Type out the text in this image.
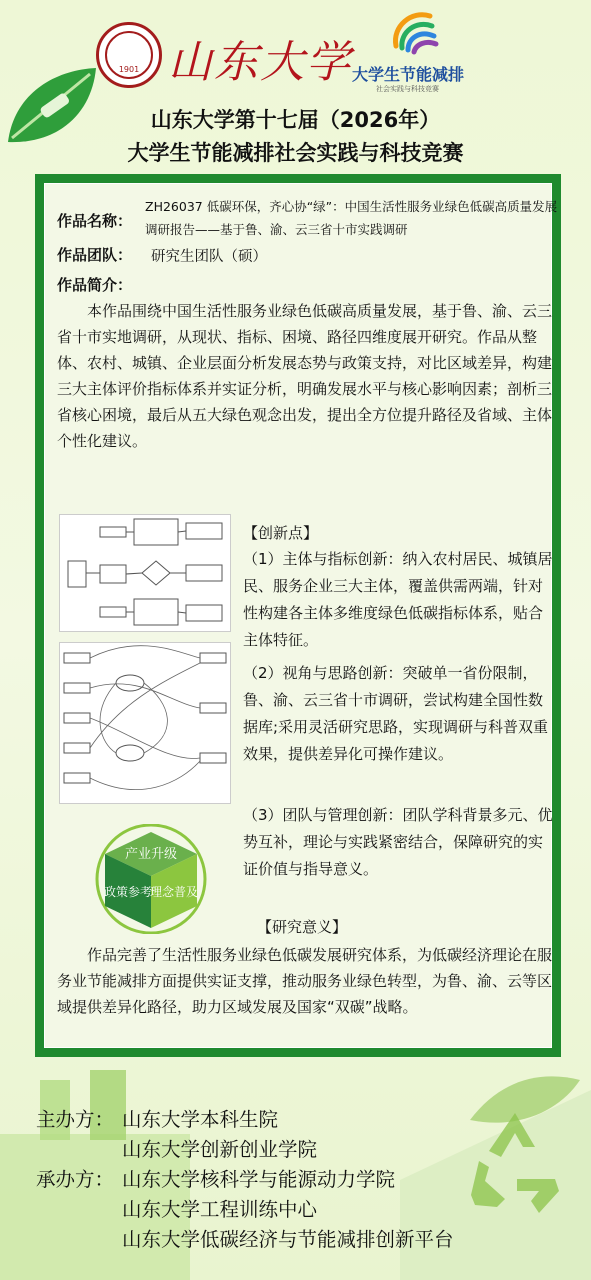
1901 山东大学 大学生节能减排
社会实践与科技竞赛
山东大学第十七届（2026年）
大学生节能减排社会实践与科技竞赛
作品名称：
ZH26037 低碳环保，齐心协“绿”：中国生活性服务业绿色低碳高质量发展调研报告——基于鲁、渝、云三省十市实践调研
作品团队： 研究生团队（硕）
作品简介：
本作品围绕中国生活性服务业绿色低碳高质量发展，基于鲁、渝、云三省十市实地调研，从现状、指标、困境、路径四维度展开研究。作品从整体、农村、城镇、企业层面分析发展态势与政策支持，对比区域差异，构建三大主体评价指标体系并实证分析，明确发展水平与核心影响因素；剖析三省核心困境，最后从五大绿色观念出发，提出全方位提升路径及省域、主体个性化建议。
产业升级
政策参考
理念普及
【创新点】
（1）主体与指标创新：纳入农村居民、城镇居民、服务企业三大主体，覆盖供需两端，针对性构建各主体多维度绿色低碳指标体系，贴合主体特征。
（2）视角与思路创新：突破单一省份限制，鲁、渝、云三省十市调研，尝试构建全国性数据库;采用灵活研究思路，实现调研与科普双重效果，提供差异化可操作建议。
（3）团队与管理创新：团队学科背景多元、优势互补，理论与实践紧密结合，保障研究的实证价值与指导意义。
【研究意义】
作品完善了生活性服务业绿色低碳发展研究体系，为低碳经济理论在服务业节能减排方面提供实证支撑，推动服务业绿色转型，为鲁、渝、云等区域提供差异化路径，助力区域发展及国家“双碳”战略。
主办方： 山东大学本科生院
山东大学创新创业学院
承办方： 山东大学核科学与能源动力学院
山东大学工程训练中心
山东大学低碳经济与节能减排创新平台
